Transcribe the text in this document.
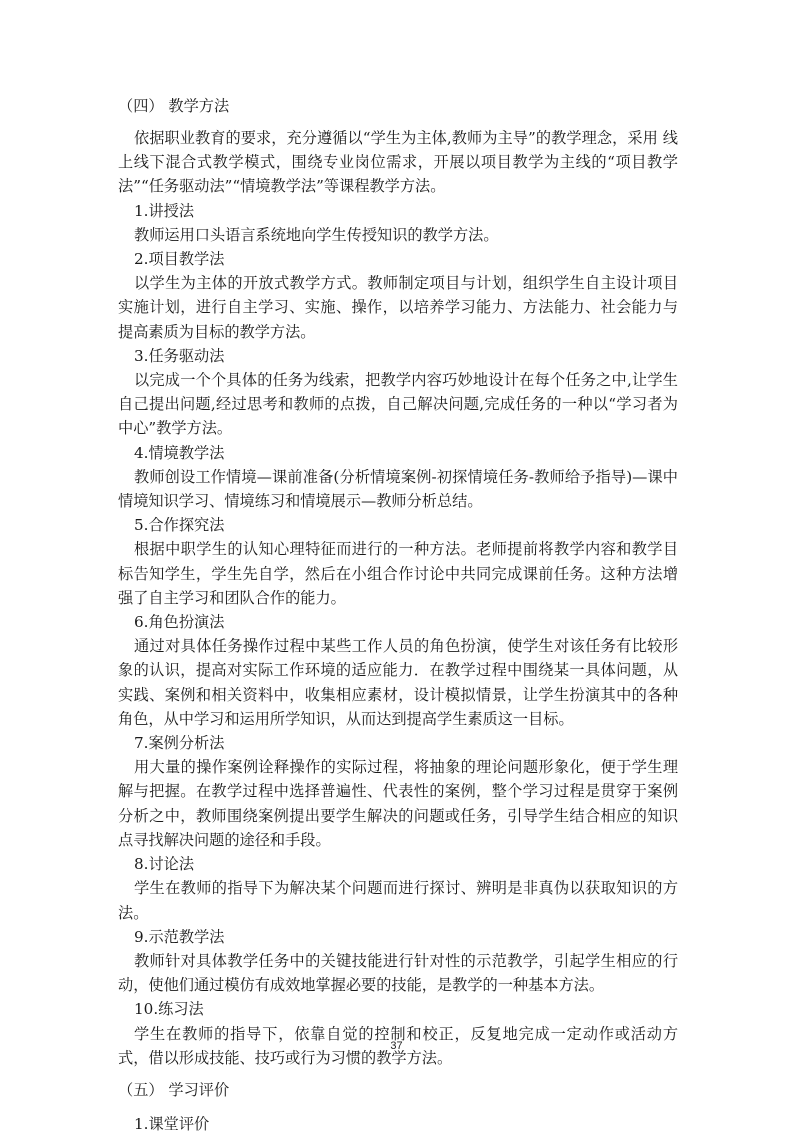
（四） 教学方法

依据职业教育的要求，充分遵循以“学生为主体,教师为主导”的教学理念，采用 线上线下混合式教学模式，围绕专业岗位需求，开展以项目教学为主线的“项目教学法”“任务驱动法”“情境教学法”等课程教学方法。

1.讲授法

教师运用口头语言系统地向学生传授知识的教学方法。

2.项目教学法

以学生为主体的开放式教学方式。教师制定项目与计划，组织学生自主设计项目实施计划，进行自主学习、实施、操作，以培养学习能力、方法能力、社会能力与提高素质为目标的教学方法。

3.任务驱动法

以完成一个个具体的任务为线索，把教学内容巧妙地设计在每个任务之中,让学生自己提出问题,经过思考和教师的点拨，自己解决问题,完成任务的一种以“学习者为中心”教学方法。

4.情境教学法

教师创设工作情境—课前准备(分析情境案例-初探情境任务-教师给予指导)—课中情境知识学习、情境练习和情境展示—教师分析总结。

5.合作探究法

根据中职学生的认知心理特征而进行的一种方法。老师提前将教学内容和教学目标告知学生，学生先自学，然后在小组合作讨论中共同完成课前任务。这种方法增强了自主学习和团队合作的能力。

6.角色扮演法

通过对具体任务操作过程中某些工作人员的角色扮演，使学生对该任务有比较形象的认识，提高对实际工作环境的适应能力．在教学过程中围绕某一具体问题，从实践、案例和相关资料中，收集相应素材，设计模拟情景，让学生扮演其中的各种角色，从中学习和运用所学知识，从而达到提高学生素质这一目标。

7.案例分析法

用大量的操作案例诠释操作的实际过程，将抽象的理论问题形象化，便于学生理解与把握。在教学过程中选择普遍性、代表性的案例，整个学习过程是贯穿于案例分析之中，教师围绕案例提出要学生解决的问题或任务，引导学生结合相应的知识点寻找解决问题的途径和手段。

8.讨论法

学生在教师的指导下为解决某个问题而进行探讨、辨明是非真伪以获取知识的方法。

9.示范教学法

教师针对具体教学任务中的关键技能进行针对性的示范教学，引起学生相应的行动，使他们通过模仿有成效地掌握必要的技能，是教学的一种基本方法。

10.练习法

学生在教师的指导下，依靠自觉的控制和校正，反复地完成一定动作或活动方式，借以形成技能、技巧或行为习惯的教学方法。

（五） 学习评价
1.课堂评价
37
